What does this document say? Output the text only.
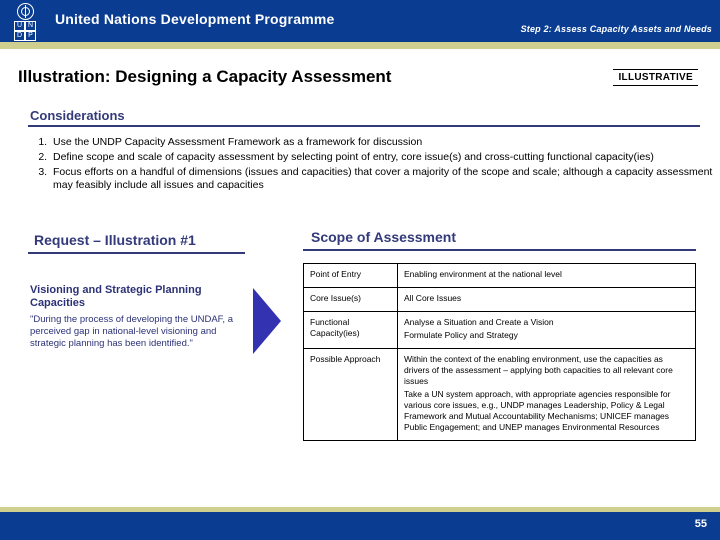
U N
D P
United Nations Development Programme
Step 2: Assess Capacity Assets and Needs
Illustration: Designing a Capacity Assessment	ILLUSTRATIVE
Considerations
1. Use the UNDP Capacity Assessment Framework as a framework for discussion
2. Define scope and scale of capacity assessment by selecting point of entry, core issue(s) and cross-cutting functional capacity(ies)
3. Focus efforts on a handful of dimensions (issues and capacities) that cover a majority of the scope and scale; although a capacity assessment may feasibly include all issues and capacities
Request – Illustration #1
Visioning and Strategic Planning Capacities
"During the process of developing the UNDAF, a perceived gap in national-level visioning and strategic planning has been identified."
Scope of Assessment
Point of Entry	Enabling environment at the national level

Core Issue(s)	All Core Issues

Functional Capacity(ies)	Analyse a Situation and Create a Vision

Formulate Policy and Strategy

Possible Approach	Within the context of the enabling environment, use the capacities as drivers of the assessment – applying both capacities to all relevant core issues

Take a UN system approach, with appropriate agencies responsible for various core issues, e.g., UNDP manages Leadership, Policy & Legal Framework and Mutual Accountability Mechanisms; UNICEF manages Public Engagement; and UNEP manages Environmental Resources

55
